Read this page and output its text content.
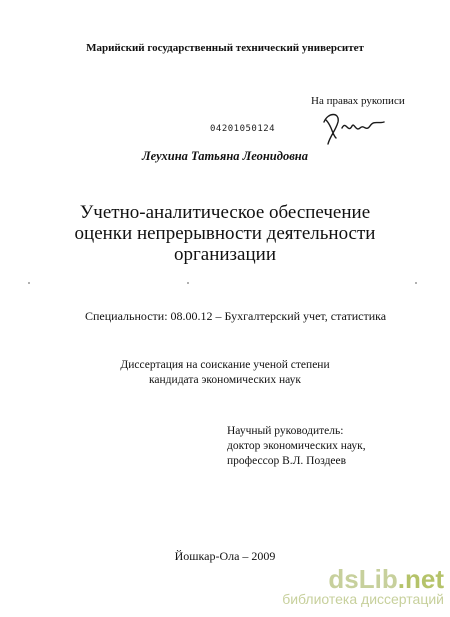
Марийский государственный технический университет
На правах рукописи
04201050124
Леухина Татьяна Леонидовна
Учетно-аналитическое обеспечение
оценки непрерывности деятельности
организации
Специальности: 08.00.12 – Бухгалтерский учет, статистика
Диссертация на соискание ученой степени
кандидата экономических наук
Научный руководитель:
доктор экономических наук,
профессор В.Л. Поздеев
Йошкар-Ола – 2009
dsLib.net
библиотека диссертаций
